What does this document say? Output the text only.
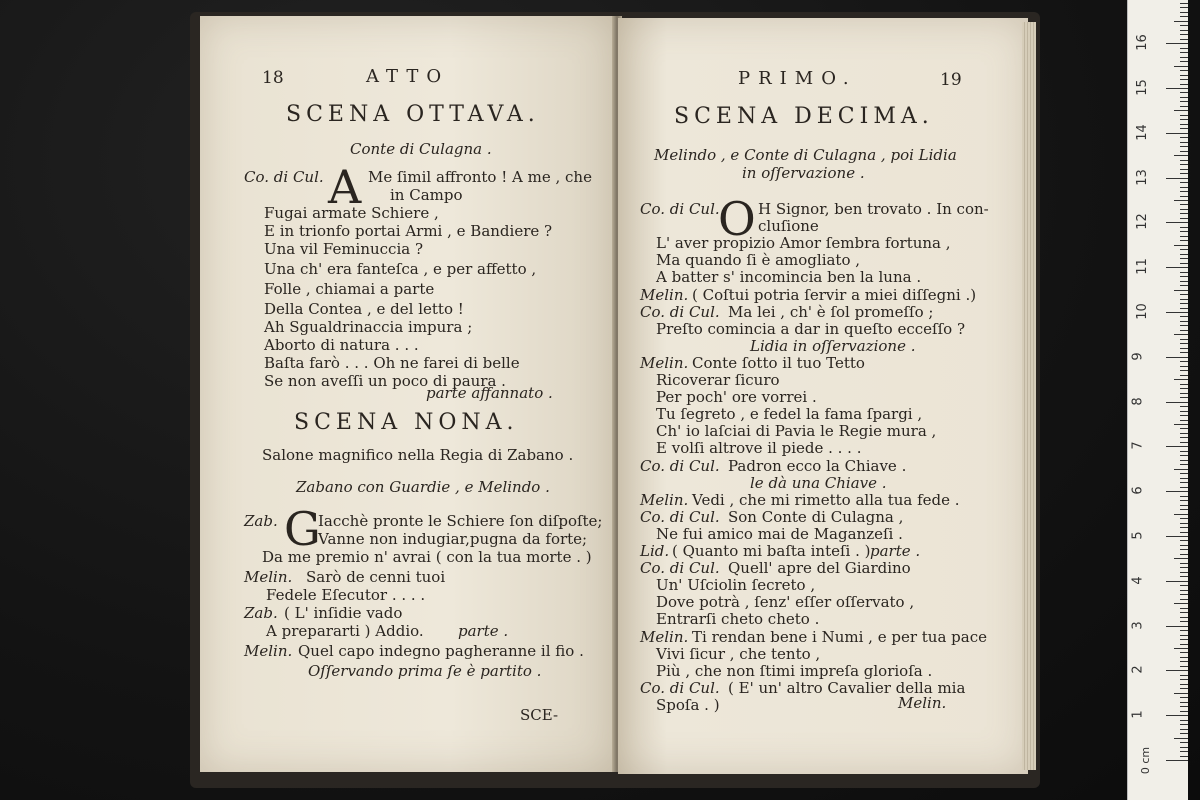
18	ATTO
SCENA OTTAVA.
Conte di Culagna .
Co. di Cul. A Me ſimil affronto ! A me , che
in Campo
Fugai armate Schiere ,
E in trionfo portai Armi , e Bandiere ?
Una vil Feminuccia ?
Una ch' era fanteſca , e per affetto ,
Folle , chiamai a parte
Della Contea , e del letto !
Ah Sgualdrinaccia impura ;
Aborto di natura . . .
Baſta farò . . . Oh ne farei di belle
Se non aveſſi un poco di paura .
parte affannato .
SCENA NONA.
Salone magnifico nella Regia di Zabano .
Zabano con Guardie , e Melindo .
Zab. G
Iacchè pronte le Schiere ſon diſpoſte;
Vanne non indugiar,pugna da forte;
Da me premio n' avrai ( con la tua morte . )
Melin. Sarò de cenni tuoi
Fedele Eſecutor . . . .
Zab. ( L' inſidie vado
A prepararti ) Addio. parte .
Melin. Quel capo indegno pagheranne il fio .
Oſſervando prima ſe è partito .
SCE-
PRIMO.	19
SCENA DECIMA.
Melindo , e Conte di Culagna , poi Lidia
in oſſervazione .
O
Co. di Cul.	H Signor, ben trovato . In con-
cluſione
L' aver propizio Amor ſembra fortuna ,
Ma quando ſi è amogliato ,
A batter s' incomincia ben la luna .
Melin. ( Coſtui potria ſervir a miei diſſegni .)
Co. di Cul. Ma lei , ch' è ſol promeſſo ;
Preſto comincia a dar in queſto ecceſſo ?
Lidia in oſſervazione .
Melin. Conte ſotto il tuo Tetto
Ricoverar ſicuro
Per poch' ore vorrei .
Tu ſegreto , e fedel la fama ſpargi ,
Ch' io laſciai di Pavia le Regie mura ,
E volſi altrove il piede . . . .
Co. di Cul. Padron ecco la Chiave .
le dà una Chiave .
Melin. Vedi , che mi rimetto alla tua fede .
Co. di Cul. Son Conte di Culagna ,
Ne fui amico mai de Maganzeſi .
Lid. ( Quanto mi baſta inteſi . ) parte .
Co. di Cul. Quell' apre del Giardino
Un' Uſciolin ſecreto ,
Dove potrà , ſenz' eſſer oſſervato ,
Entrarſi cheto cheto .
Melin. Ti rendan bene i Numi , e per tua pace
Vivi ſicur , che tento ,
Più , che non ſtimi impreſa glorioſa .
Co. di Cul. ( E' un' altro Cavalier della mia
Spoſa . )	Melin.
1
2
3
4
5
6
7
8
9
10
11
12
13
14
15
16
0 cm
